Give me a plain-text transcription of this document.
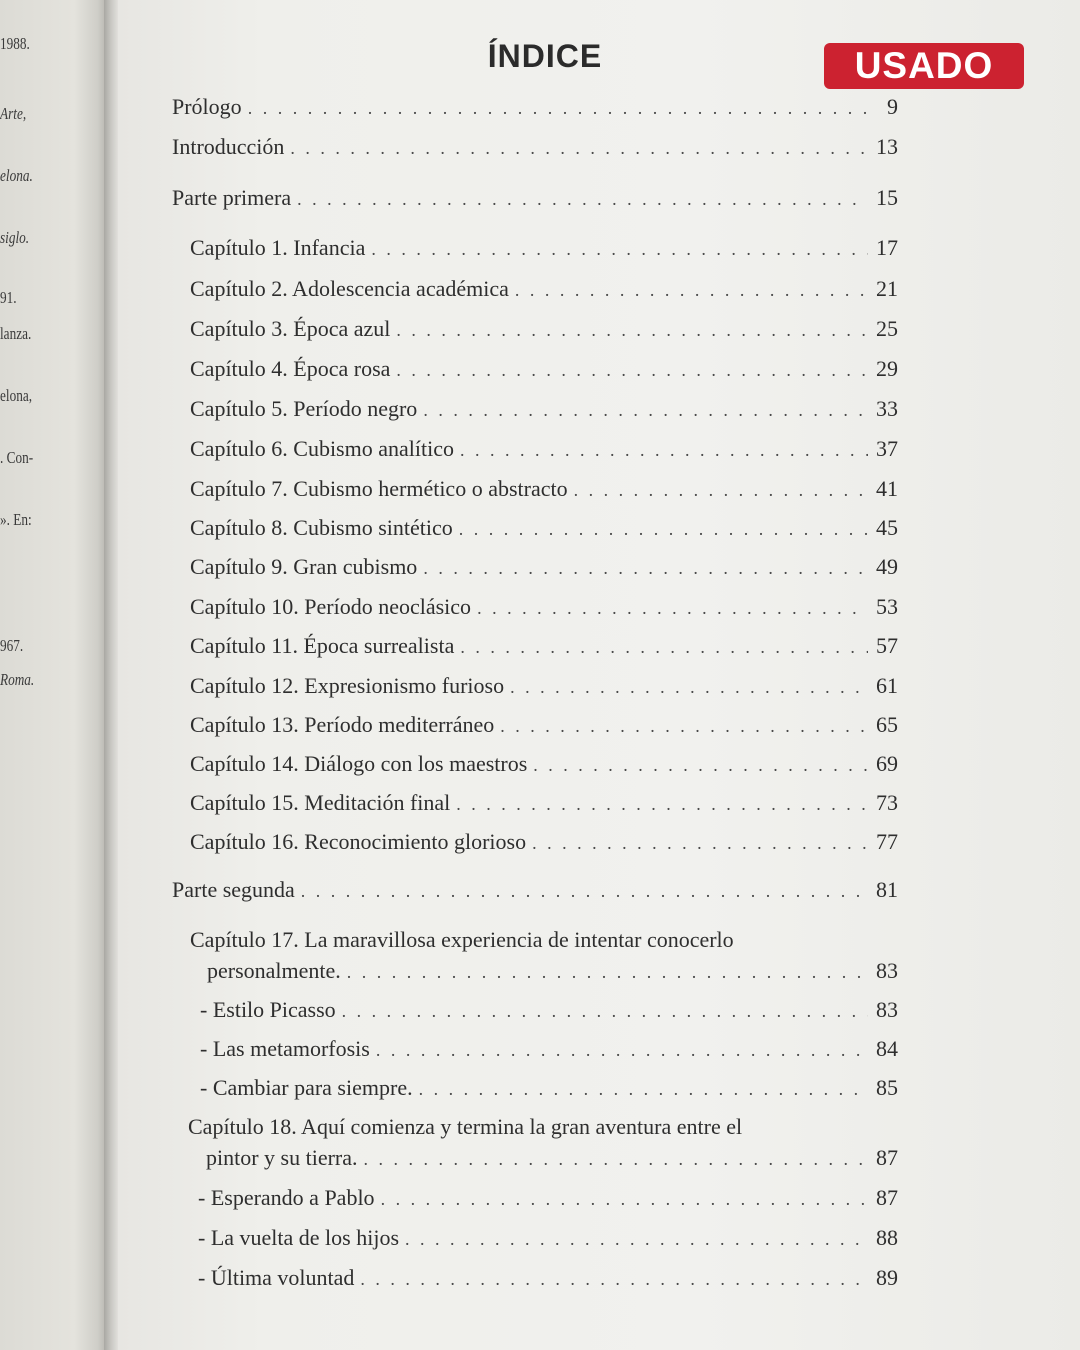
1988.
Arte,
elona.
siglo.
91.
lanza.
elona,
. Con-
». En:
967.
Roma.
ÍNDICE	USADO
Prólogo . . .	9
Introducción . . .	13
Parte primera . . .	15
Capítulo 1. Infancia . . .	17
Capítulo 2. Adolescencia académica . . .	21
Capítulo 3. Época azul . . .	25
Capítulo 4. Época rosa . . .	29
Capítulo 5. Período negro . . .	33
Capítulo 6. Cubismo analítico . . .	37
Capítulo 7. Cubismo hermético o abstracto . . .	41
Capítulo 8. Cubismo sintético . . .	45
Capítulo 9. Gran cubismo . . .	49
Capítulo 10. Período neoclásico . . .	53
Capítulo 11. Época surrealista . . .	57
Capítulo 12. Expresionismo furioso . . .	61
Capítulo 13. Período mediterráneo . . .	65
Capítulo 14. Diálogo con los maestros . . .	69
Capítulo 15. Meditación final . . .	73
Capítulo 16. Reconocimiento glorioso . . .	77
Parte segunda . . .	81
Capítulo 17. La maravillosa experiencia de intentar conocerlo
personalmente. . . .	83
- Estilo Picasso . . .	83
- Las metamorfosis . . .	84
- Cambiar para siempre. . . .	85
Capítulo 18. Aquí comienza y termina la gran aventura entre el
pintor y su tierra. . . .	87
- Esperando a Pablo . . .	87
- La vuelta de los hijos . . .	88
- Última voluntad . . .	89
